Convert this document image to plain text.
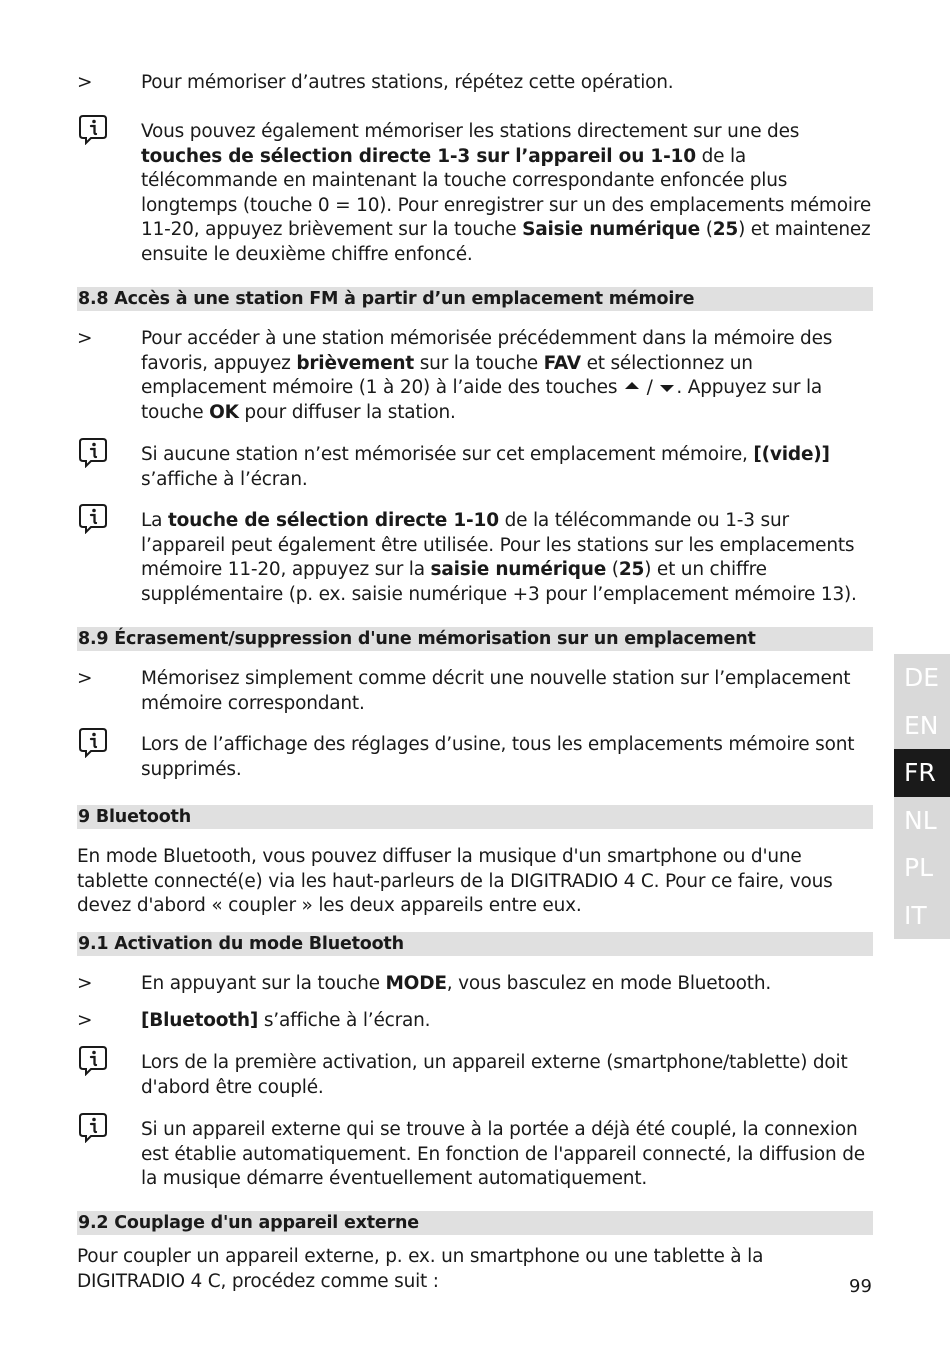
>	Pour mémoriser d’autres stations, répétez cette opération.
Vous pouvez également mémoriser les stations directement sur une des touches de sélection directe 1-3 sur l’appareil ou 1-10 de la télécommande en maintenant la touche correspondante enfoncée plus longtemps (touche 0 = 10). Pour enregistrer sur un des emplacements mémoire 11-20, appuyez brièvement sur la touche Saisie numérique (25) et maintenez ensuite le deuxième chiffre enfoncé.
8.8 Accès à une station FM à partir d’un emplacement mémoire
>	Pour accéder à une station mémorisée précédemment dans la mémoire des favoris, appuyez brièvement sur la touche FAV et sélectionnez un emplacement mémoire (1 à 20) à l’aide des touches  / . Appuyez sur la touche OK pour diffuser la station.
Si aucune station n’est mémorisée sur cet emplacement mémoire, [(vide)] s’affiche à l’écran.
La touche de sélection directe 1-10 de la télécommande ou 1-3 sur l’appareil peut également être utilisée. Pour les stations sur les emplacements mémoire 11-20, appuyez sur la saisie numérique (25) et un chiffre supplémentaire (p. ex. saisie numérique +3 pour l’emplacement mémoire 13).
8.9 Écrasement/suppression d'une mémorisation sur un emplacement
>	Mémorisez simplement comme décrit une nouvelle station sur l’emplacement mémoire correspondant.
Lors de l’affichage des réglages d’usine, tous les emplacements mémoire sont supprimés.
9 Bluetooth
En mode Bluetooth, vous pouvez diffuser la musique d'un smartphone ou d'une tablette connecté(e) via les haut-parleurs de la DIGITRADIO 4 C. Pour ce faire, vous devez d'abord « coupler » les deux appareils entre eux.
9.1 Activation du mode Bluetooth
>	En appuyant sur la touche MODE, vous basculez en mode Bluetooth.
>	[Bluetooth] s’affiche à l’écran.
Lors de la première activation, un appareil externe (smartphone/tablette) doit d'abord être couplé.
Si un appareil externe qui se trouve à la portée a déjà été couplé, la connexion est établie automatiquement. En fonction de l'appareil connecté, la diffusion de la musique démarre éventuellement automatiquement.
9.2 Couplage d'un appareil externe
Pour coupler un appareil externe, p. ex. un smartphone ou une tablette à la DIGITRADIO 4 C, procédez comme suit :
DE
EN
FR
NL
PL
IT
99
